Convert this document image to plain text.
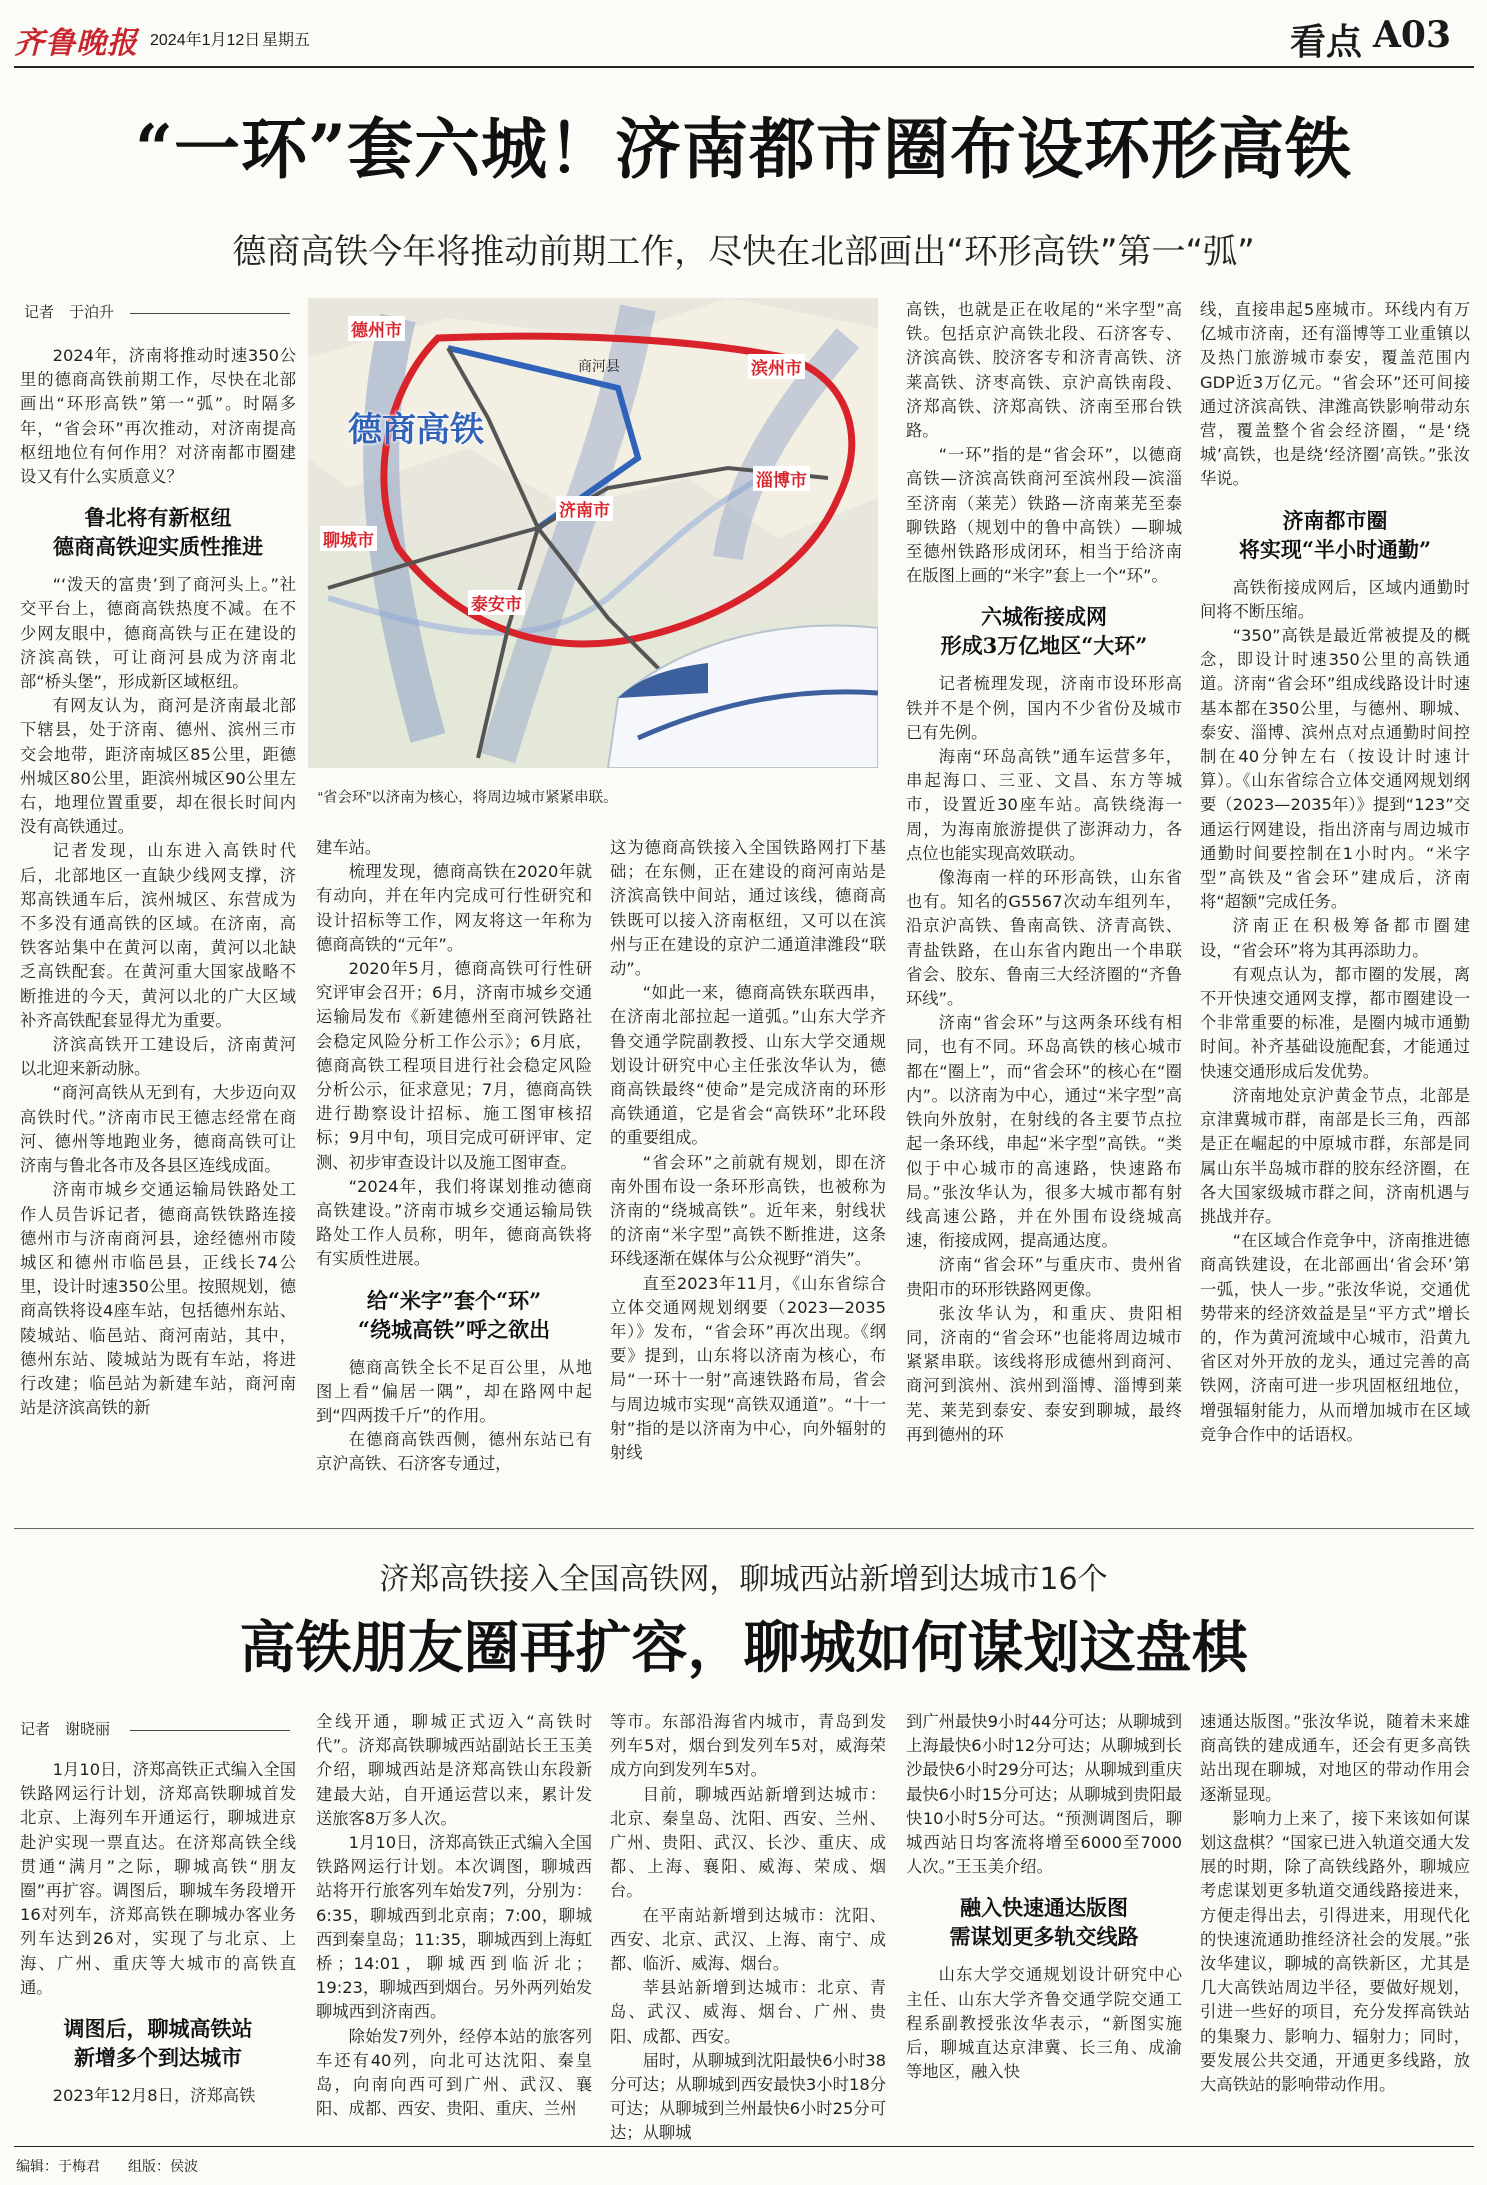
齐鲁晚报 2024年1月12日 星期五	看点 A03
“一环”套六城！济南都市圈布设环形高铁
德商高铁今年将推动前期工作，尽快在北部画出“环形高铁”第一“弧”
记者　于泊升
德州市
商河县	滨州市
德商高铁
淄博市
济南市
聊城市
泰安市
“省会环”以济南为核心，将周边城市紧紧串联。

2024年，济南将推动时速350公里的德商高铁前期工作，尽快在北部画出“环形高铁”第一“弧”。时隔多年，“省会环”再次推动，对济南提高枢纽地位有何作用？对济南都市圈建设又有什么实质意义？

鲁北将有新枢纽
德商高铁迎实质性推进

“‘泼天的富贵’到了商河头上。”社交平台上，德商高铁热度不减。在不少网友眼中，德商高铁与正在建设的济滨高铁，可让商河县成为济南北部“桥头堡”，形成新区域枢纽。

有网友认为，商河是济南最北部下辖县，处于济南、德州、滨州三市交会地带，距济南城区85公里，距德州城区80公里，距滨州城区90公里左右，地理位置重要，却在很长时间内没有高铁通过。

记者发现，山东进入高铁时代后，北部地区一直缺少线网支撑，济郑高铁通车后，滨州城区、东营成为不多没有通高铁的区域。在济南，高铁客站集中在黄河以南，黄河以北缺乏高铁配套。在黄河重大国家战略不断推进的今天，黄河以北的广大区域补齐高铁配套显得尤为重要。

济滨高铁开工建设后，济南黄河以北迎来新动脉。

“商河高铁从无到有，大步迈向双高铁时代。”济南市民王德志经常在商河、德州等地跑业务，德商高铁可让济南与鲁北各市及各县区连线成面。

济南市城乡交通运输局铁路处工作人员告诉记者，德商高铁铁路连接德州市与济南商河县，途经德州市陵城区和德州市临邑县，正线长74公里，设计时速350公里。按照规划，德商高铁将设4座车站，包括德州东站、陵城站、临邑站、商河南站，其中，德州东站、陵城站为既有车站，将进行改建；临邑站为新建车站，商河南站是济滨高铁的新

建车站。

梳理发现，德商高铁在2020年就有动向，并在年内完成可行性研究和设计招标等工作，网友将这一年称为德商高铁的“元年”。

2020年5月，德商高铁可行性研究评审会召开；6月，济南市城乡交通运输局发布《新建德州至商河铁路社会稳定风险分析工作公示》；6月底，德商高铁工程项目进行社会稳定风险分析公示，征求意见；7月，德商高铁进行勘察设计招标、施工图审核招标；9月中旬，项目完成可研评审、定测、初步审查设计以及施工图审查。

“2024年，我们将谋划推动德商高铁建设。”济南市城乡交通运输局铁路处工作人员称，明年，德商高铁将有实质性进展。

给“米字”套个“环”
“绕城高铁”呼之欲出

德商高铁全长不足百公里，从地图上看“偏居一隅”，却在路网中起到“四两拨千斤”的作用。

在德商高铁西侧，德州东站已有京沪高铁、石济客专通过，

这为德商高铁接入全国铁路网打下基础；在东侧，正在建设的商河南站是济滨高铁中间站，通过该线，德商高铁既可以接入济南枢纽，又可以在滨州与正在建设的京沪二通道津潍段“联动”。

“如此一来，德商高铁东联西串，在济南北部拉起一道弧。”山东大学齐鲁交通学院副教授、山东大学交通规划设计研究中心主任张汝华认为，德商高铁最终“使命”是完成济南的环形高铁通道，它是省会“高铁环”北环段的重要组成。

“省会环”之前就有规划，即在济南外围布设一条环形高铁，也被称为济南的“绕城高铁”。近年来，射线状的济南“米字型”高铁不断推进，这条环线逐渐在媒体与公众视野“消失”。

直至2023年11月，《山东省综合立体交通网规划纲要（2023—2035年）》发布，“省会环”再次出现。《纲要》提到，山东将以济南为核心，布局“一环十一射”高速铁路布局，省会与周边城市实现“高铁双通道”。“十一射”指的是以济南为中心，向外辐射的射线

高铁，也就是正在收尾的“米字型”高铁。包括京沪高铁北段、石济客专、济滨高铁、胶济客专和济青高铁、济莱高铁、济枣高铁、京沪高铁南段、济郑高铁、济郑高铁、济南至邢台铁路。

“一环”指的是“省会环”，以德商高铁—济滨高铁商河至滨州段—滨淄至济南（莱芜）铁路—济南莱芜至泰聊铁路（规划中的鲁中高铁）—聊城至德州铁路形成闭环，相当于给济南在版图上画的“米字”套上一个“环”。

六城衔接成网
形成3万亿地区“大环”

记者梳理发现，济南市设环形高铁并不是个例，国内不少省份及城市已有先例。

海南“环岛高铁”通车运营多年，串起海口、三亚、文昌、东方等城市，设置近30座车站。高铁绕海一周，为海南旅游提供了澎湃动力，各点位也能实现高效联动。

像海南一样的环形高铁，山东省也有。知名的G5567次动车组列车，沿京沪高铁、鲁南高铁、济青高铁、青盐铁路，在山东省内跑出一个串联省会、胶东、鲁南三大经济圈的“齐鲁环线”。

济南“省会环”与这两条环线有相同，也有不同。环岛高铁的核心城市都在“圈上”，而“省会环”的核心在“圈内”。以济南为中心，通过“米字型”高铁向外放射，在射线的各主要节点拉起一条环线，串起“米字型”高铁。“类似于中心城市的高速路，快速路布局。”张汝华认为，很多大城市都有射线高速公路，并在外围布设绕城高速，衔接成网，提高通达度。

济南“省会环”与重庆市、贵州省贵阳市的环形铁路网更像。

张汝华认为，和重庆、贵阳相同，济南的“省会环”也能将周边城市紧紧串联。该线将形成德州到商河、商河到滨州、滨州到淄博、淄博到莱芜、莱芜到泰安、泰安到聊城，最终再到德州的环

线，直接串起5座城市。环线内有万亿城市济南，还有淄博等工业重镇以及热门旅游城市泰安，覆盖范围内GDP近3万亿元。“省会环”还可间接通过济滨高铁、津潍高铁影响带动东营，覆盖整个省会经济圈，“是‘绕城’高铁，也是绕‘经济圈’高铁。”张汝华说。

济南都市圈
将实现“半小时通勤”

高铁衔接成网后，区域内通勤时间将不断压缩。

“350”高铁是最近常被提及的概念，即设计时速350公里的高铁通道。济南“省会环”组成线路设计时速基本都在350公里，与德州、聊城、泰安、淄博、滨州点对点通勤时间控制在40分钟左右（按设计时速计算）。《山东省综合立体交通网规划纲要（2023—2035年）》提到“123”交通运行网建设，指出济南与周边城市通勤时间要控制在1小时内。“米字型”高铁及“省会环”建成后，济南将“超额”完成任务。

济南正在积极筹备都市圈建设，“省会环”将为其再添助力。

有观点认为，都市圈的发展，离不开快速交通网支撑，都市圈建设一个非常重要的标准，是圈内城市通勤时间。补齐基础设施配套，才能通过快速交通形成后发优势。

济南地处京沪黄金节点，北部是京津冀城市群，南部是长三角，西部是正在崛起的中原城市群，东部是同属山东半岛城市群的胶东经济圈，在各大国家级城市群之间，济南机遇与挑战并存。

“在区域合作竞争中，济南推进德商高铁建设，在北部画出‘省会环’第一弧，快人一步。”张汝华说，交通优势带来的经济效益是呈“平方式”增长的，作为黄河流域中心城市，沿黄九省区对外开放的龙头，通过完善的高铁网，济南可进一步巩固枢纽地位，增强辐射能力，从而增加城市在区域竞争合作中的话语权。

济郑高铁接入全国高铁网，聊城西站新增到达城市16个
高铁朋友圈再扩容，聊城如何谋划这盘棋
记者　谢晓丽

1月10日，济郑高铁正式编入全国铁路网运行计划，济郑高铁聊城首发北京、上海列车开通运行，聊城进京赴沪实现一票直达。在济郑高铁全线贯通“满月”之际，聊城高铁“朋友圈”再扩容。调图后，聊城车务段增开16对列车，济郑高铁在聊城办客业务列车达到26对，实现了与北京、上海、广州、重庆等大城市的高铁直通。

调图后，聊城高铁站
新增多个到达城市

2023年12月8日，济郑高铁

全线开通，聊城正式迈入“高铁时代”。济郑高铁聊城西站副站长王玉美介绍，聊城西站是济郑高铁山东段新建最大站，自开通运营以来，累计发送旅客8万多人次。

1月10日，济郑高铁正式编入全国铁路网运行计划。本次调图，聊城西站将开行旅客列车始发7列，分别为：6:35，聊城西到北京南；7:00，聊城西到秦皇岛；11:35，聊城西到上海虹桥；14:01，聊城西到临沂北；19:23，聊城西到烟台。另外两列始发聊城西到济南西。

除始发7列外，经停本站的旅客列车还有40列，向北可达沈阳、秦皇岛，向南向西可到广州、武汉、襄阳、成都、西安、贵阳、重庆、兰州

等市。东部沿海省内城市，青岛到发列车5对，烟台到发列车5对，威海荣成方向到发列车5对。

目前，聊城西站新增到达城市：北京、秦皇岛、沈阳、西安、兰州、广州、贵阳、武汉、长沙、重庆、成都、上海、襄阳、威海、荣成、烟台。

在平南站新增到达城市：沈阳、西安、北京、武汉、上海、南宁、成都、临沂、威海、烟台。

莘县站新增到达城市：北京、青岛、武汉、威海、烟台、广州、贵阳、成都、西安。

届时，从聊城到沈阳最快6小时38分可达；从聊城到西安最快3小时18分可达；从聊城到兰州最快6小时25分可达；从聊城

到广州最快9小时44分可达；从聊城到上海最快6小时12分可达；从聊城到长沙最快6小时29分可达；从聊城到重庆最快6小时15分可达；从聊城到贵阳最快10小时5分可达。“预测调图后，聊城西站日均客流将增至6000至7000人次。”王玉美介绍。

融入快速通达版图
需谋划更多轨交线路

山东大学交通规划设计研究中心主任、山东大学齐鲁交通学院交通工程系副教授张汝华表示，“新图实施后，聊城直达京津冀、长三角、成渝等地区，融入快

速通达版图。”张汝华说，随着未来雄商高铁的建成通车，还会有更多高铁站出现在聊城，对地区的带动作用会逐渐显现。

影响力上来了，接下来该如何谋划这盘棋？“国家已进入轨道交通大发展的时期，除了高铁线路外，聊城应考虑谋划更多轨道交通线路接进来，方便走得出去，引得进来，用现代化的快速流通助推经济社会的发展。”张汝华建议，聊城的高铁新区，尤其是几大高铁站周边半径，要做好规划，引进一些好的项目，充分发挥高铁站的集聚力、影响力、辐射力；同时，要发展公共交通，开通更多线路，放大高铁站的影响带动作用。

编辑：于梅君 组版：侯波
